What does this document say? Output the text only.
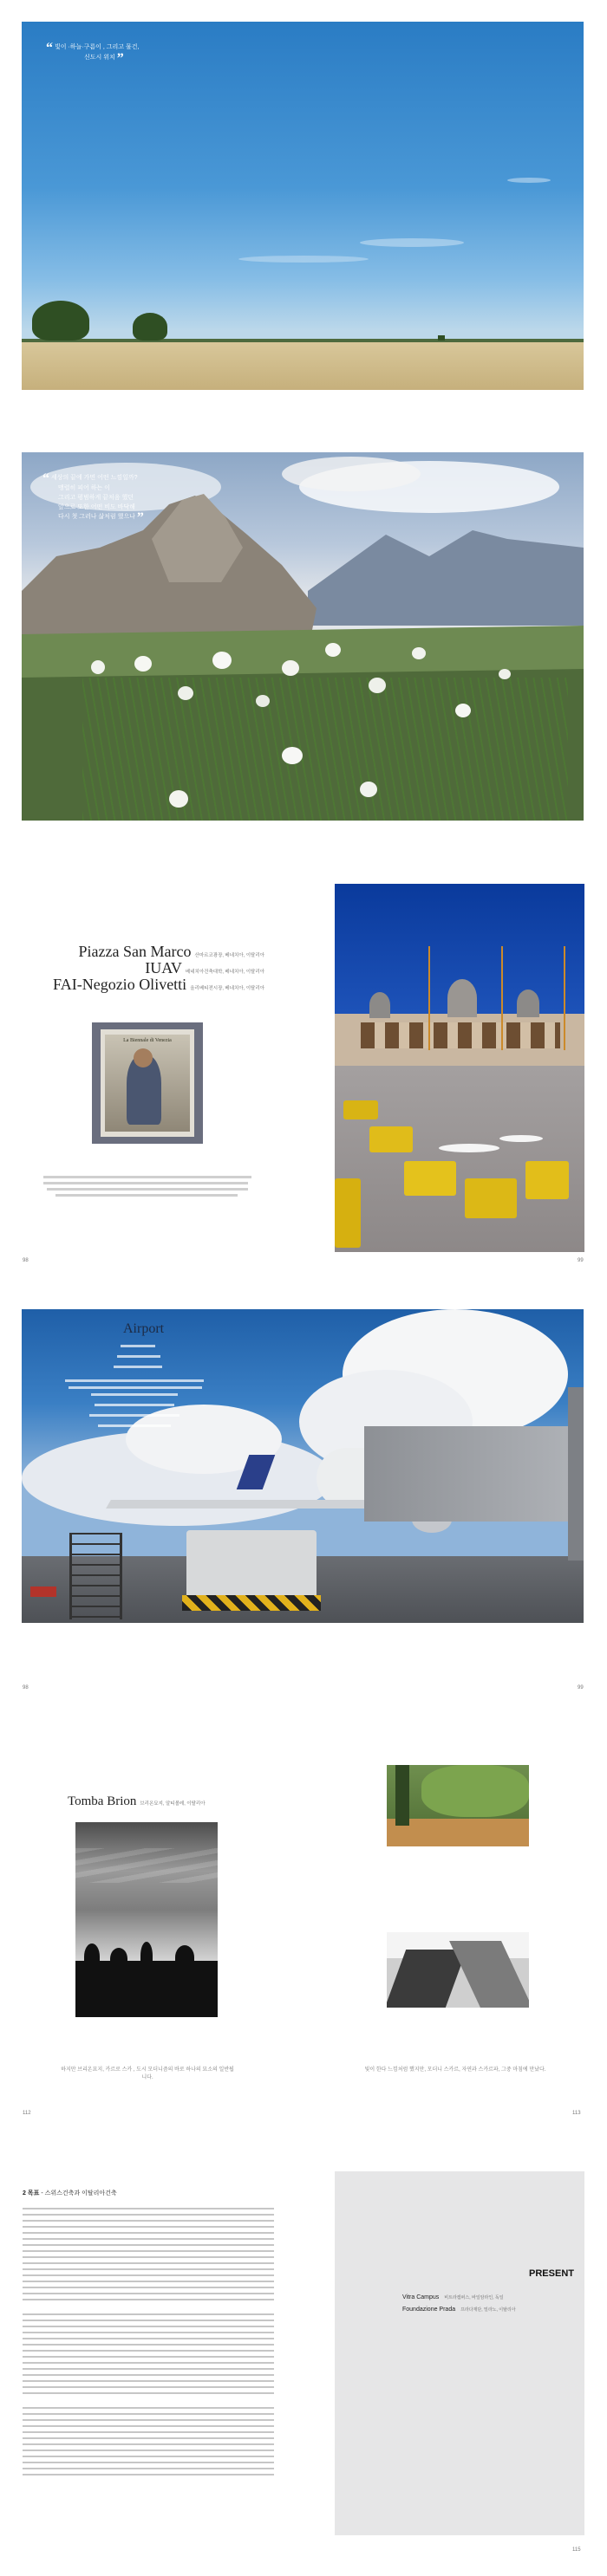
“ 빛이 ·하늘·구름이 , 그리고 물건,
신도시 위치 ”
“ 세상의 끝에 가면 어떤 느낌일까?
맹렬히 피어 하는 이
그리고 평범하게 끝처음 했던
앞으로 또한 어떤 비도 바닥해
다시 첫 그러나 삶처럼 했으나 ”
Piazza San Marco 산마르코광장, 베네치아, 이탈리아
IUAV 베네치아건축대학, 베네치아, 이탈리아
FAI-Negozio Olivetti 올리베티전시장, 베네치아, 이탈리아
La Biennale di Venezia
98	99
Airport
98	99
Tomba Brion 브리온묘지, 알티볼레, 이탈리아
하지만 브리온묘지, 카르로 스카 , 도시 모더니즘의 바로 하나의 묘소의 일반됩니다.
빛이 한다 느낌처럼 했지만, 모더니 스카르, 자연과 스카르파, 그중 마침에 만났다.
112	113
2 목표 - 스위스건축과 이탈리아건축
PRESENT
Vitra Campus 비트라캠퍼스, 바일암라인, 독일
Foundazione Prada 프라다재단, 밀라노, 이탈리아
115
